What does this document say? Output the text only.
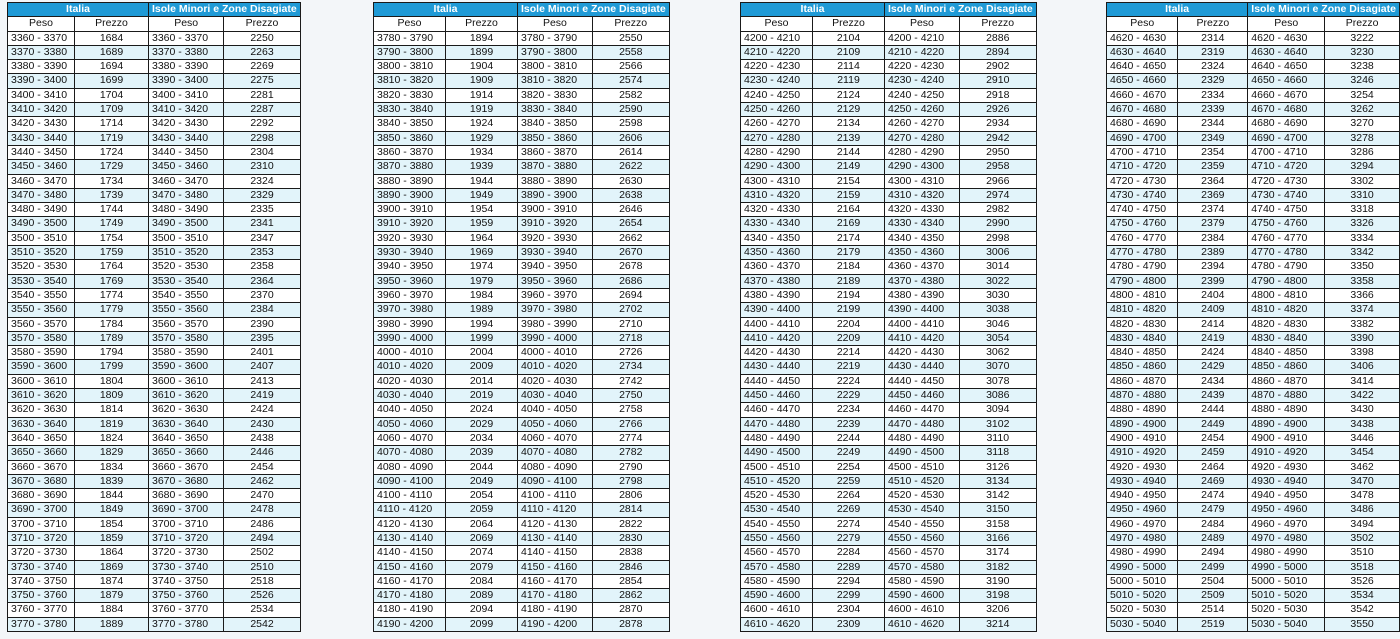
Italia		Isole Minori e Zone Disagiate	
Peso	Prezzo	Peso	Prezzo
3360 - 3370	1684	3360 - 3370	2250
3370 - 3380	1689	3370 - 3380	2263
3380 - 3390	1694	3380 - 3390	2269
3390 - 3400	1699	3390 - 3400	2275
3400 - 3410	1704	3400 - 3410	2281
3410 - 3420	1709	3410 - 3420	2287
3420 - 3430	1714	3420 - 3430	2292
3430 - 3440	1719	3430 - 3440	2298
3440 - 3450	1724	3440 - 3450	2304
3450 - 3460	1729	3450 - 3460	2310
3460 - 3470	1734	3460 - 3470	2324
3470 - 3480	1739	3470 - 3480	2329
3480 - 3490	1744	3480 - 3490	2335
3490 - 3500	1749	3490 - 3500	2341
3500 - 3510	1754	3500 - 3510	2347
3510 - 3520	1759	3510 - 3520	2353
3520 - 3530	1764	3520 - 3530	2358
3530 - 3540	1769	3530 - 3540	2364
3540 - 3550	1774	3540 - 3550	2370
3550 - 3560	1779	3550 - 3560	2384
3560 - 3570	1784	3560 - 3570	2390
3570 - 3580	1789	3570 - 3580	2395
3580 - 3590	1794	3580 - 3590	2401
3590 - 3600	1799	3590 - 3600	2407
3600 - 3610	1804	3600 - 3610	2413
3610 - 3620	1809	3610 - 3620	2419
3620 - 3630	1814	3620 - 3630	2424
3630 - 3640	1819	3630 - 3640	2430
3640 - 3650	1824	3640 - 3650	2438
3650 - 3660	1829	3650 - 3660	2446
3660 - 3670	1834	3660 - 3670	2454
3670 - 3680	1839	3670 - 3680	2462
3680 - 3690	1844	3680 - 3690	2470
3690 - 3700	1849	3690 - 3700	2478
3700 - 3710	1854	3700 - 3710	2486
3710 - 3720	1859	3710 - 3720	2494
3720 - 3730	1864	3720 - 3730	2502
3730 - 3740	1869	3730 - 3740	2510
3740 - 3750	1874	3740 - 3750	2518
3750 - 3760	1879	3750 - 3760	2526
3760 - 3770	1884	3760 - 3770	2534
3770 - 3780	1889	3770 - 3780	2542
Italia		Isole Minori e Zone Disagiate	
Peso	Prezzo	Peso	Prezzo
3780 - 3790	1894	3780 - 3790	2550
3790 - 3800	1899	3790 - 3800	2558
3800 - 3810	1904	3800 - 3810	2566
3810 - 3820	1909	3810 - 3820	2574
3820 - 3830	1914	3820 - 3830	2582
3830 - 3840	1919	3830 - 3840	2590
3840 - 3850	1924	3840 - 3850	2598
3850 - 3860	1929	3850 - 3860	2606
3860 - 3870	1934	3860 - 3870	2614
3870 - 3880	1939	3870 - 3880	2622
3880 - 3890	1944	3880 - 3890	2630
3890 - 3900	1949	3890 - 3900	2638
3900 - 3910	1954	3900 - 3910	2646
3910 - 3920	1959	3910 - 3920	2654
3920 - 3930	1964	3920 - 3930	2662
3930 - 3940	1969	3930 - 3940	2670
3940 - 3950	1974	3940 - 3950	2678
3950 - 3960	1979	3950 - 3960	2686
3960 - 3970	1984	3960 - 3970	2694
3970 - 3980	1989	3970 - 3980	2702
3980 - 3990	1994	3980 - 3990	2710
3990 - 4000	1999	3990 - 4000	2718
4000 - 4010	2004	4000 - 4010	2726
4010 - 4020	2009	4010 - 4020	2734
4020 - 4030	2014	4020 - 4030	2742
4030 - 4040	2019	4030 - 4040	2750
4040 - 4050	2024	4040 - 4050	2758
4050 - 4060	2029	4050 - 4060	2766
4060 - 4070	2034	4060 - 4070	2774
4070 - 4080	2039	4070 - 4080	2782
4080 - 4090	2044	4080 - 4090	2790
4090 - 4100	2049	4090 - 4100	2798
4100 - 4110	2054	4100 - 4110	2806
4110 - 4120	2059	4110 - 4120	2814
4120 - 4130	2064	4120 - 4130	2822
4130 - 4140	2069	4130 - 4140	2830
4140 - 4150	2074	4140 - 4150	2838
4150 - 4160	2079	4150 - 4160	2846
4160 - 4170	2084	4160 - 4170	2854
4170 - 4180	2089	4170 - 4180	2862
4180 - 4190	2094	4180 - 4190	2870
4190 - 4200	2099	4190 - 4200	2878
Italia		Isole Minori e Zone Disagiate	
Peso	Prezzo	Peso	Prezzo
4200 - 4210	2104	4200 - 4210	2886
4210 - 4220	2109	4210 - 4220	2894
4220 - 4230	2114	4220 - 4230	2902
4230 - 4240	2119	4230 - 4240	2910
4240 - 4250	2124	4240 - 4250	2918
4250 - 4260	2129	4250 - 4260	2926
4260 - 4270	2134	4260 - 4270	2934
4270 - 4280	2139	4270 - 4280	2942
4280 - 4290	2144	4280 - 4290	2950
4290 - 4300	2149	4290 - 4300	2958
4300 - 4310	2154	4300 - 4310	2966
4310 - 4320	2159	4310 - 4320	2974
4320 - 4330	2164	4320 - 4330	2982
4330 - 4340	2169	4330 - 4340	2990
4340 - 4350	2174	4340 - 4350	2998
4350 - 4360	2179	4350 - 4360	3006
4360 - 4370	2184	4360 - 4370	3014
4370 - 4380	2189	4370 - 4380	3022
4380 - 4390	2194	4380 - 4390	3030
4390 - 4400	2199	4390 - 4400	3038
4400 - 4410	2204	4400 - 4410	3046
4410 - 4420	2209	4410 - 4420	3054
4420 - 4430	2214	4420 - 4430	3062
4430 - 4440	2219	4430 - 4440	3070
4440 - 4450	2224	4440 - 4450	3078
4450 - 4460	2229	4450 - 4460	3086
4460 - 4470	2234	4460 - 4470	3094
4470 - 4480	2239	4470 - 4480	3102
4480 - 4490	2244	4480 - 4490	3110
4490 - 4500	2249	4490 - 4500	3118
4500 - 4510	2254	4500 - 4510	3126
4510 - 4520	2259	4510 - 4520	3134
4520 - 4530	2264	4520 - 4530	3142
4530 - 4540	2269	4530 - 4540	3150
4540 - 4550	2274	4540 - 4550	3158
4550 - 4560	2279	4550 - 4560	3166
4560 - 4570	2284	4560 - 4570	3174
4570 - 4580	2289	4570 - 4580	3182
4580 - 4590	2294	4580 - 4590	3190
4590 - 4600	2299	4590 - 4600	3198
4600 - 4610	2304	4600 - 4610	3206
4610 - 4620	2309	4610 - 4620	3214
Italia		Isole Minori e Zone Disagiate	
Peso	Prezzo	Peso	Prezzo
4620 - 4630	2314	4620 - 4630	3222
4630 - 4640	2319	4630 - 4640	3230
4640 - 4650	2324	4640 - 4650	3238
4650 - 4660	2329	4650 - 4660	3246
4660 - 4670	2334	4660 - 4670	3254
4670 - 4680	2339	4670 - 4680	3262
4680 - 4690	2344	4680 - 4690	3270
4690 - 4700	2349	4690 - 4700	3278
4700 - 4710	2354	4700 - 4710	3286
4710 - 4720	2359	4710 - 4720	3294
4720 - 4730	2364	4720 - 4730	3302
4730 - 4740	2369	4730 - 4740	3310
4740 - 4750	2374	4740 - 4750	3318
4750 - 4760	2379	4750 - 4760	3326
4760 - 4770	2384	4760 - 4770	3334
4770 - 4780	2389	4770 - 4780	3342
4780 - 4790	2394	4780 - 4790	3350
4790 - 4800	2399	4790 - 4800	3358
4800 - 4810	2404	4800 - 4810	3366
4810 - 4820	2409	4810 - 4820	3374
4820 - 4830	2414	4820 - 4830	3382
4830 - 4840	2419	4830 - 4840	3390
4840 - 4850	2424	4840 - 4850	3398
4850 - 4860	2429	4850 - 4860	3406
4860 - 4870	2434	4860 - 4870	3414
4870 - 4880	2439	4870 - 4880	3422
4880 - 4890	2444	4880 - 4890	3430
4890 - 4900	2449	4890 - 4900	3438
4900 - 4910	2454	4900 - 4910	3446
4910 - 4920	2459	4910 - 4920	3454
4920 - 4930	2464	4920 - 4930	3462
4930 - 4940	2469	4930 - 4940	3470
4940 - 4950	2474	4940 - 4950	3478
4950 - 4960	2479	4950 - 4960	3486
4960 - 4970	2484	4960 - 4970	3494
4970 - 4980	2489	4970 - 4980	3502
4980 - 4990	2494	4980 - 4990	3510
4990 - 5000	2499	4990 - 5000	3518
5000 - 5010	2504	5000 - 5010	3526
5010 - 5020	2509	5010 - 5020	3534
5020 - 5030	2514	5020 - 5030	3542
5030 - 5040	2519	5030 - 5040	3550
